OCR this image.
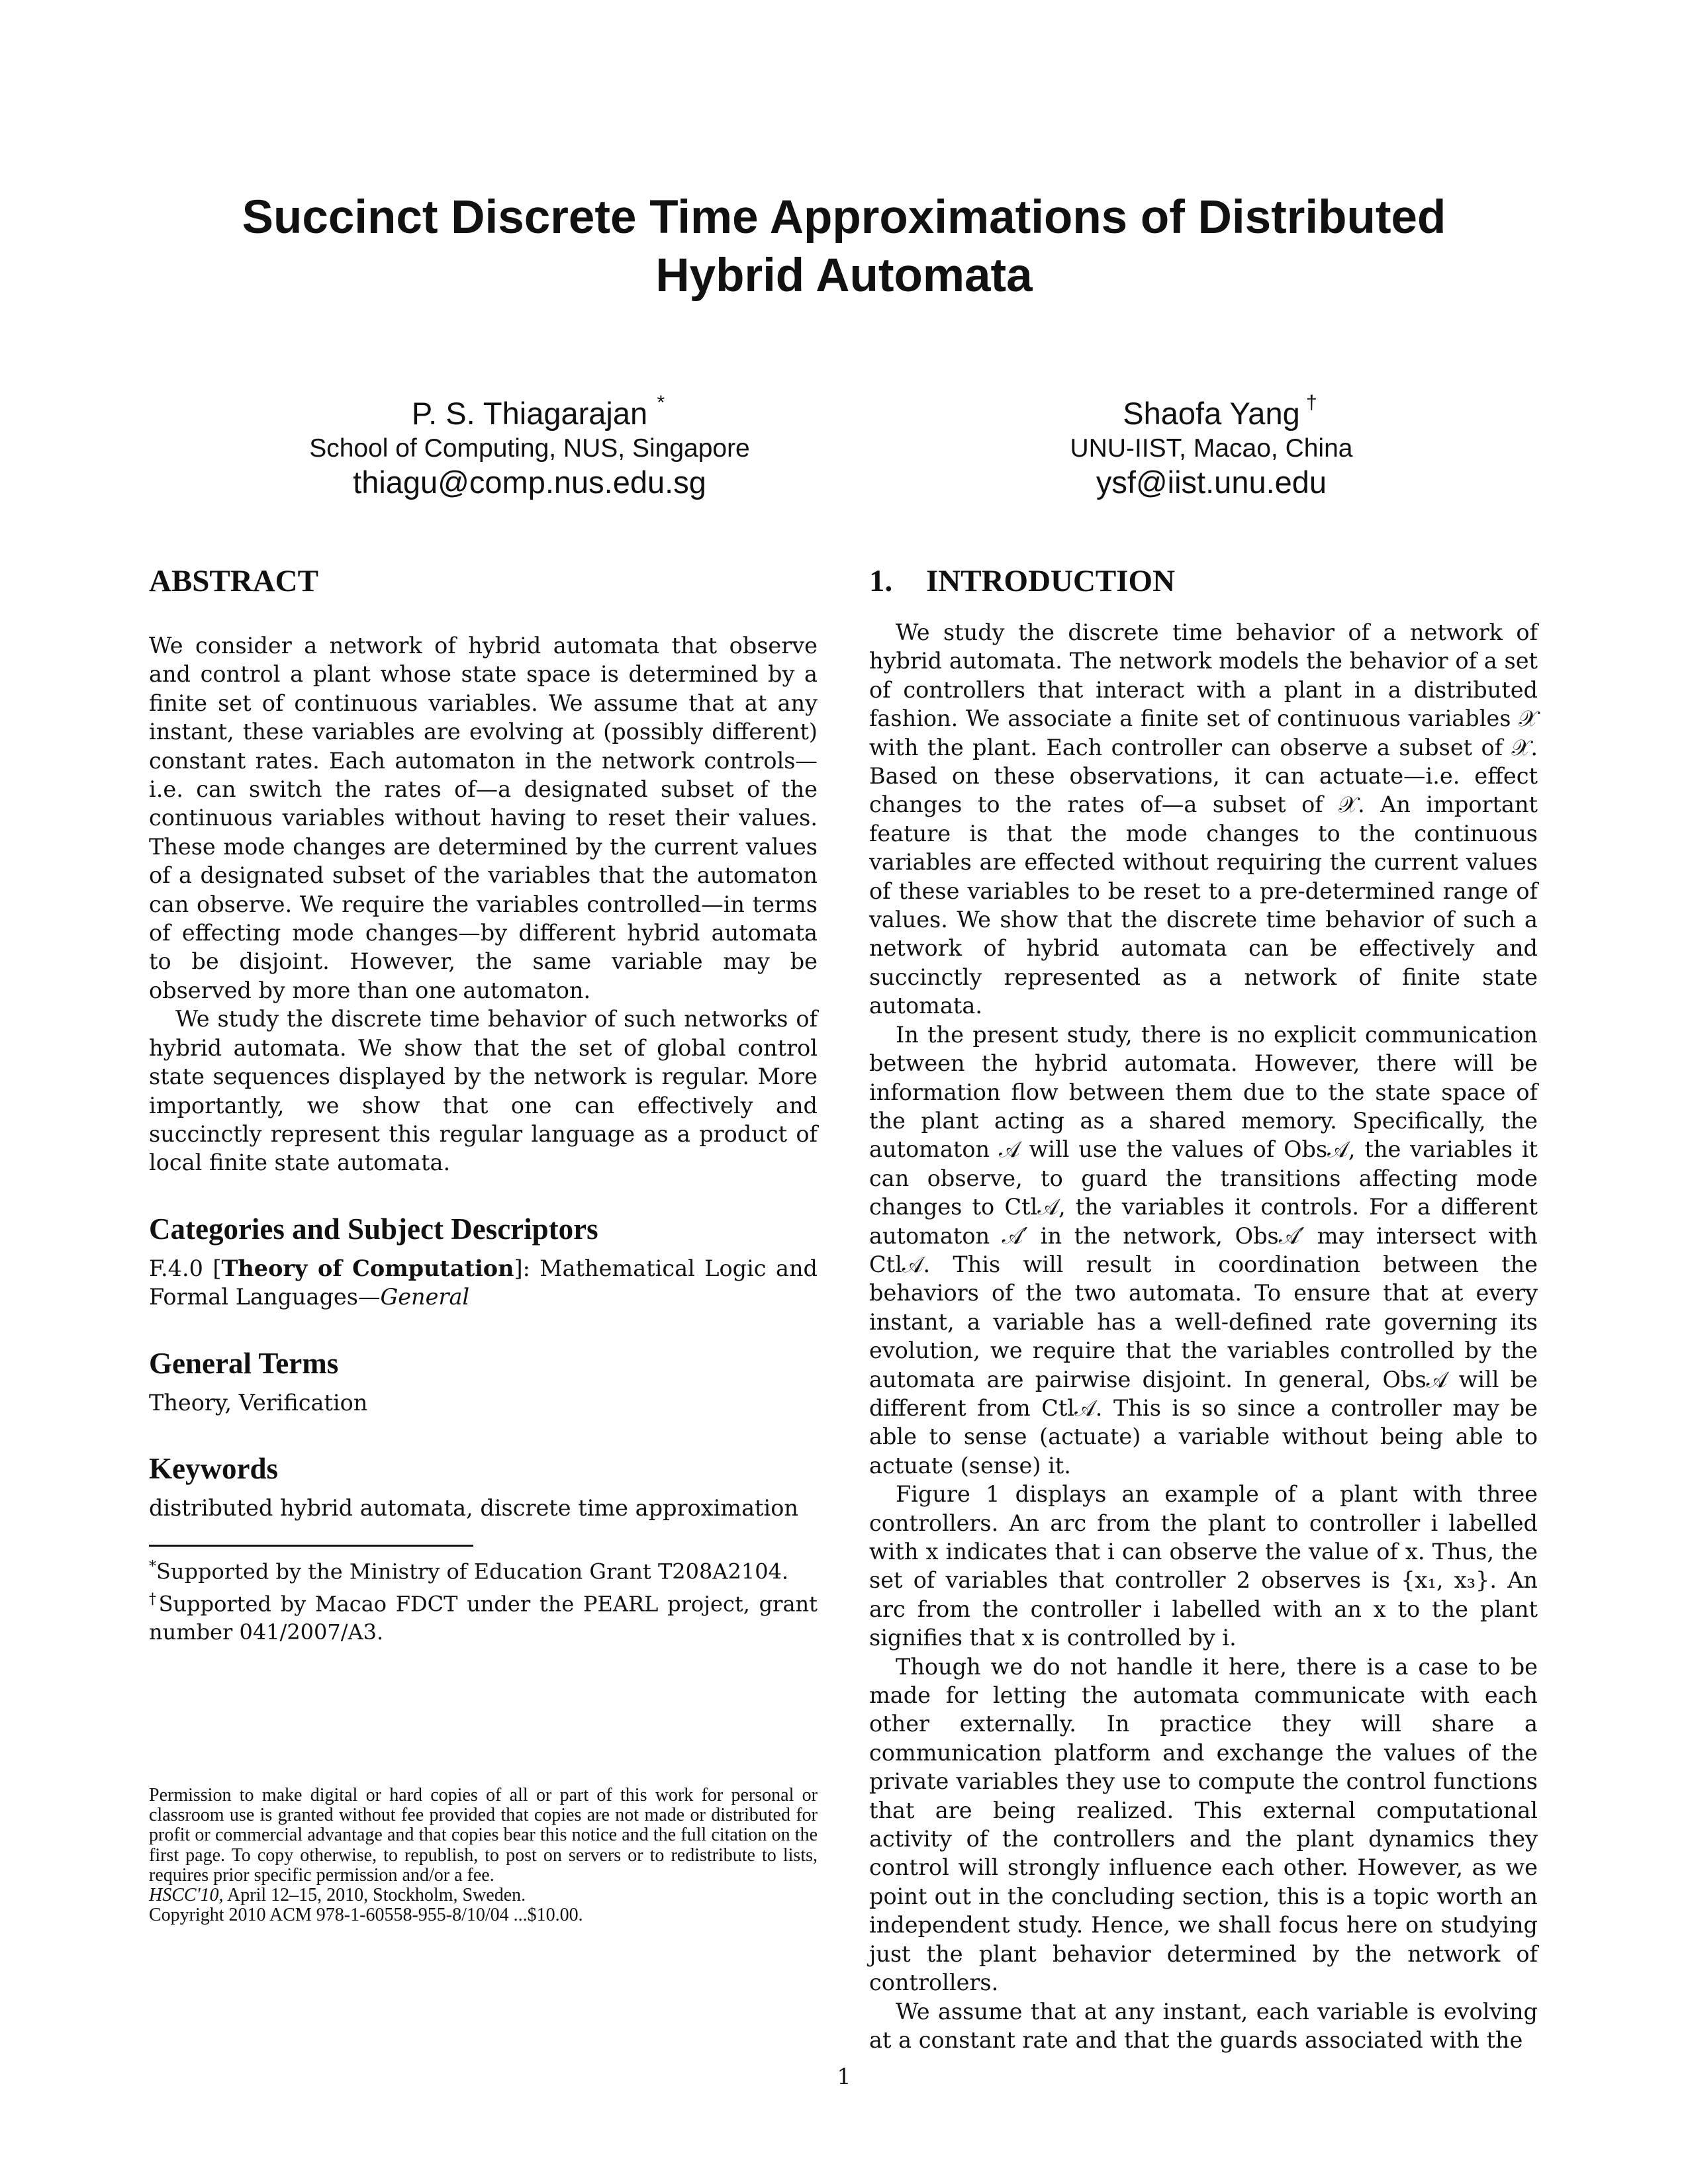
Succinct Discrete Time Approximations of Distributed
Hybrid Automata
P. S. Thiagarajan *
School of Computing, NUS, Singapore
thiagu@comp.nus.edu.sg
Shaofa Yang †
UNU-IIST, Macao, China
ysf@iist.unu.edu
ABSTRACT

We consider a network of hybrid automata that observe and control a plant whose state space is determined by a finite set of continuous variables. We assume that at any instant, these variables are evolving at (possibly different) constant rates. Each automaton in the network controls—i.e. can switch the rates of—a designated subset of the continuous variables without having to reset their values. These mode changes are determined by the current values of a designated subset of the variables that the automaton can observe. We require the variables controlled—in terms of effecting mode changes—by different hybrid automata to be disjoint. However, the same variable may be observed by more than one automaton.

We study the discrete time behavior of such networks of hybrid automata. We show that the set of global control state sequences displayed by the network is regular. More importantly, we show that one can effectively and succinctly represent this regular language as a product of local finite state automata.

Categories and Subject Descriptors

F.4.0 [Theory of Computation]: Mathematical Logic and Formal Languages—General

General Terms

Theory, Verification

Keywords

distributed hybrid automata, discrete time approximation

*Supported by the Ministry of Education Grant T208A2104.

†Supported by Macao FDCT under the PEARL project, grant number 041/2007/A3.

Permission to make digital or hard copies of all or part of this work for personal or classroom use is granted without fee provided that copies are not made or distributed for profit or commercial advantage and that copies bear this notice and the full citation on the first page. To copy otherwise, to republish, to post on servers or to redistribute to lists, requires prior specific permission and/or a fee.

HSCC'10, April 12–15, 2010, Stockholm, Sweden.

Copyright 2010 ACM 978-1-60558-955-8/10/04 ...$10.00.

1. INTRODUCTION

We study the discrete time behavior of a network of hybrid automata. The network models the behavior of a set of controllers that interact with a plant in a distributed fashion. We associate a finite set of continuous variables 𝒳 with the plant. Each controller can observe a subset of 𝒳. Based on these observations, it can actuate—i.e. effect changes to the rates of—a subset of 𝒳. An important feature is that the mode changes to the continuous variables are effected without requiring the current values of these variables to be reset to a pre-determined range of values. We show that the discrete time behavior of such a network of hybrid automata can be effectively and succinctly represented as a network of finite state automata.

In the present study, there is no explicit communication between the hybrid automata. However, there will be information flow between them due to the state space of the plant acting as a shared memory. Specifically, the automaton 𝒜 will use the values of Obs𝒜, the variables it can observe, to guard the transitions affecting mode changes to Ctl𝒜, the variables it controls. For a different automaton 𝒜′ in the network, Obs𝒜′ may intersect with Ctl𝒜. This will result in coordination between the behaviors of the two automata. To ensure that at every instant, a variable has a well-defined rate governing its evolution, we require that the variables controlled by the automata are pairwise disjoint. In general, Obs𝒜 will be different from Ctl𝒜. This is so since a controller may be able to sense (actuate) a variable without being able to actuate (sense) it.

Figure 1 displays an example of a plant with three controllers. An arc from the plant to controller i labelled with x indicates that i can observe the value of x. Thus, the set of variables that controller 2 observes is {x₁, x₃}. An arc from the controller i labelled with an x to the plant signifies that x is controlled by i.

Though we do not handle it here, there is a case to be made for letting the automata communicate with each other externally. In practice they will share a communication platform and exchange the values of the private variables they use to compute the control functions that are being realized. This external computational activity of the controllers and the plant dynamics they control will strongly influence each other. However, as we point out in the concluding section, this is a topic worth an independent study. Hence, we shall focus here on studying just the plant behavior determined by the network of controllers.

We assume that at any instant, each variable is evolving at a constant rate and that the guards associated with the

1
